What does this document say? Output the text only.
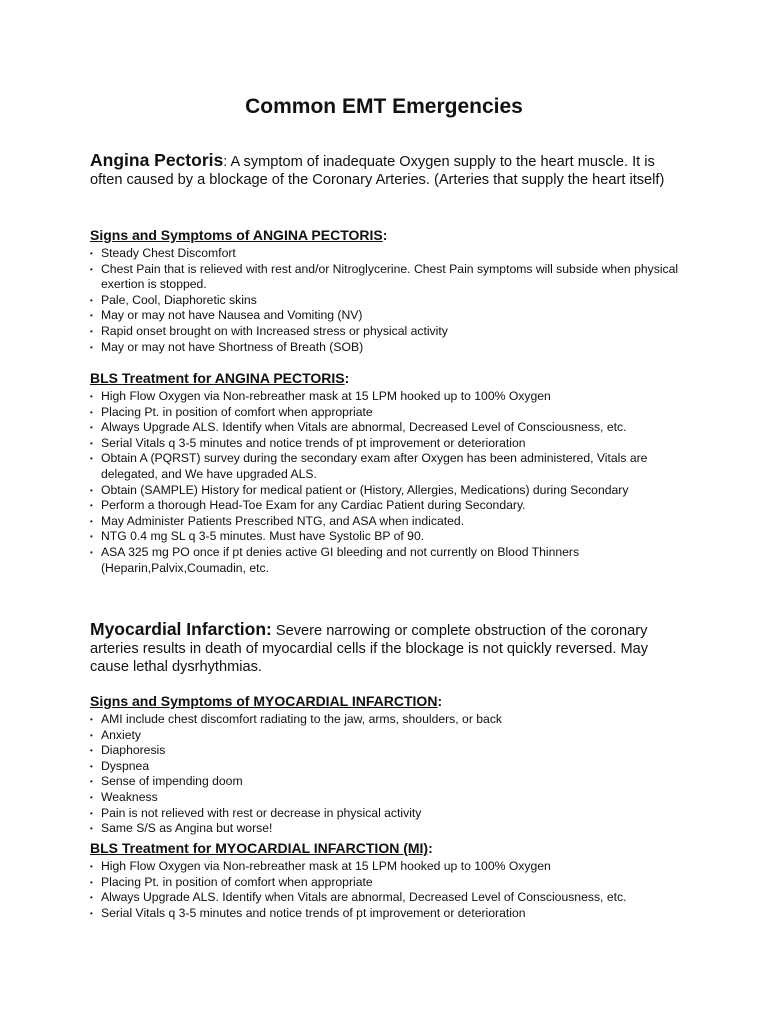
Common EMT Emergencies

Angina Pectoris: A symptom of inadequate Oxygen supply to the heart muscle. It is often caused by a blockage of the Coronary Arteries. (Arteries that supply the heart itself)

Signs and Symptoms of ANGINA PECTORIS:
• Steady Chest Discomfort
• Chest Pain that is relieved with rest and/or Nitroglycerine. Chest Pain symptoms will subside when physical exertion is stopped.
• Pale, Cool, Diaphoretic skins
• May or may not have Nausea and Vomiting (NV)
• Rapid onset brought on with Increased stress or physical activity
• May or may not have Shortness of Breath (SOB)
BLS Treatment for ANGINA PECTORIS:
• High Flow Oxygen via Non-rebreather mask at 15 LPM hooked up to 100% Oxygen
• Placing Pt. in position of comfort when appropriate
• Always Upgrade ALS. Identify when Vitals are abnormal, Decreased Level of Consciousness, etc.
• Serial Vitals q 3-5 minutes and notice trends of pt improvement or deterioration
• Obtain A (PQRST) survey during the secondary exam after Oxygen has been administered, Vitals are delegated, and We have upgraded ALS.
• Obtain (SAMPLE) History for medical patient or (History, Allergies, Medications) during Secondary
• Perform a thorough Head-Toe Exam for any Cardiac Patient during Secondary.
• May Administer Patients Prescribed NTG, and ASA when indicated.
• NTG 0.4 mg SL q 3-5 minutes. Must have Systolic BP of 90.
• ASA 325 mg PO once if pt denies active GI bleeding and not currently on Blood Thinners (Heparin,Palvix,Coumadin, etc.

Myocardial Infarction: Severe narrowing or complete obstruction of the coronary arteries results in death of myocardial cells if the blockage is not quickly reversed. May cause lethal dysrhythmias.

Signs and Symptoms of MYOCARDIAL INFARCTION:
• AMI include chest discomfort radiating to the jaw, arms, shoulders, or back
• Anxiety
• Diaphoresis
• Dyspnea
• Sense of impending doom
• Weakness
• Pain is not relieved with rest or decrease in physical activity
• Same S/S as Angina but worse!
BLS Treatment for MYOCARDIAL INFARCTION (MI):
• High Flow Oxygen via Non-rebreather mask at 15 LPM hooked up to 100% Oxygen
• Placing Pt. in position of comfort when appropriate
• Always Upgrade ALS. Identify when Vitals are abnormal, Decreased Level of Consciousness, etc.
• Serial Vitals q 3-5 minutes and notice trends of pt improvement or deterioration
